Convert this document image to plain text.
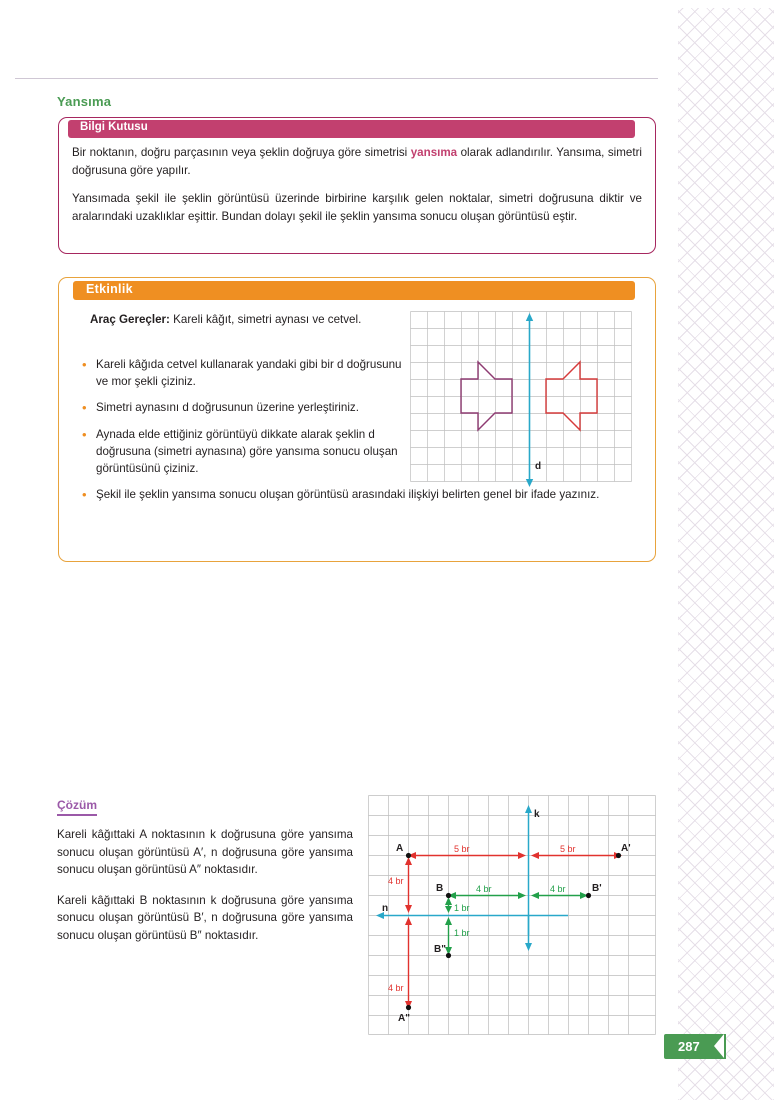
Yansıma
Bilgi Kutusu

Bir noktanın, doğru parçasının veya şeklin doğruya göre simetrisi yansıma olarak adlandırılır. Yansıma, simetri doğrusuna göre yapılır.

Yansımada şekil ile şeklin görüntüsü üzerinde birbirine karşılık gelen noktalar, simetri doğrusuna diktir ve aralarındaki uzaklıklar eşittir. Bundan dolayı şekil ile şeklin yansıma sonucu oluşan görüntüsü eştir.

Etkinlik
Araç Gereçler: Kareli kâğıt, simetri aynası ve cetvel.
• Kareli kâğıda cetvel kullanarak yandaki gibi bir d doğrusunu ve mor şekli çiziniz.
• Simetri aynasını d doğrusunun üzerine yerleştiriniz.
• Aynada elde ettiğiniz görüntüyü dikkate alarak şeklin d doğrusuna (simetri aynasına) göre yansıma sonucu oluşan görüntüsünü çiziniz.
• Şekil ile şeklin yansıma sonucu oluşan görüntüsü arasındaki ilişkiyi belirten genel bir ifade yazınız.
d
Çözüm

Kareli kâğıttaki A noktasının k doğrusuna göre yansıma sonucu oluşan görüntüsü A′, n doğrusuna göre yansıma sonucu oluşan görüntüsü A″ noktasıdır.

Kareli kâğıttaki B noktasının k doğrusuna göre yansıma sonucu oluşan görüntüsü B′, n doğrusuna göre yansıma sonucu oluşan görüntüsü B″ noktasıdır.

k
n
A	A'
A"
B	B'
B"
5 br	5 br
4 br
4 br
4 br	4 br
1 br
1 br
287
